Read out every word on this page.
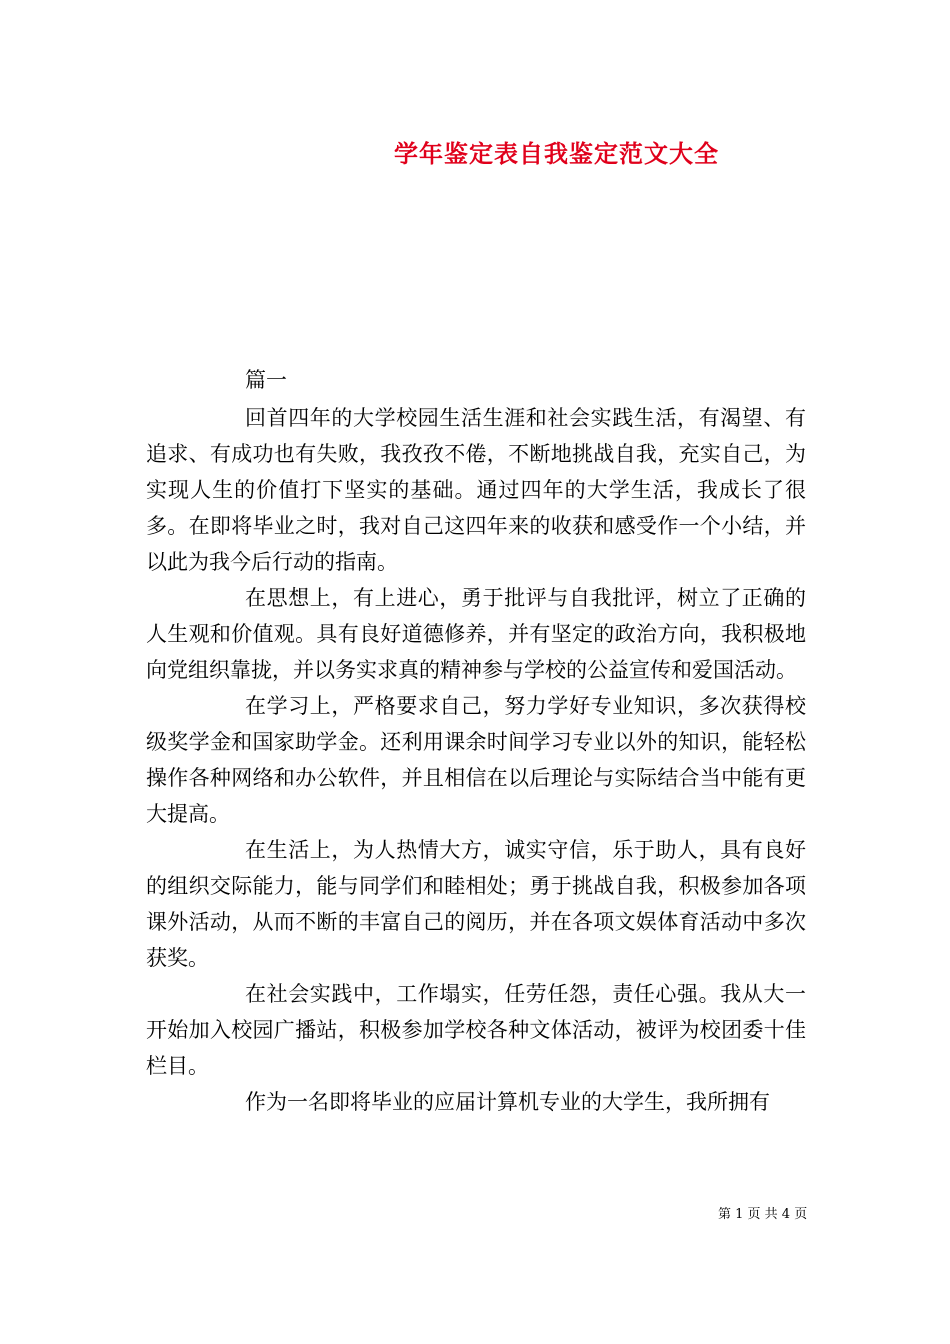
学年鉴定表自我鉴定范文大全

篇一

回首四年的大学校园生活生涯和社会实践生活，有渴望、有追求、有成功也有失败，我孜孜不倦，不断地挑战自我，充实自己，为实现人生的价值打下坚实的基础。通过四年的大学生活，我成长了很多。在即将毕业之时，我对自己这四年来的收获和感受作一个小结，并以此为我今后行动的指南。

在思想上，有上进心，勇于批评与自我批评，树立了正确的人生观和价值观。具有良好道德修养，并有坚定的政治方向，我积极地向党组织靠拢，并以务实求真的精神参与学校的公益宣传和爱国活动。

在学习上，严格要求自己，努力学好专业知识，多次获得校级奖学金和国家助学金。还利用课余时间学习专业以外的知识，能轻松操作各种网络和办公软件，并且相信在以后理论与实际结合当中能有更大提高。

在生活上，为人热情大方，诚实守信，乐于助人，具有良好的组织交际能力，能与同学们和睦相处；勇于挑战自我，积极参加各项课外活动，从而不断的丰富自己的阅历，并在各项文娱体育活动中多次获奖。

在社会实践中，工作塌实，任劳任怨，责任心强。我从大一开始加入校园广播站，积极参加学校各种文体活动，被评为校团委十佳栏目。

作为一名即将毕业的应届计算机专业的大学生，我所拥有

第 1 页 共 4 页
